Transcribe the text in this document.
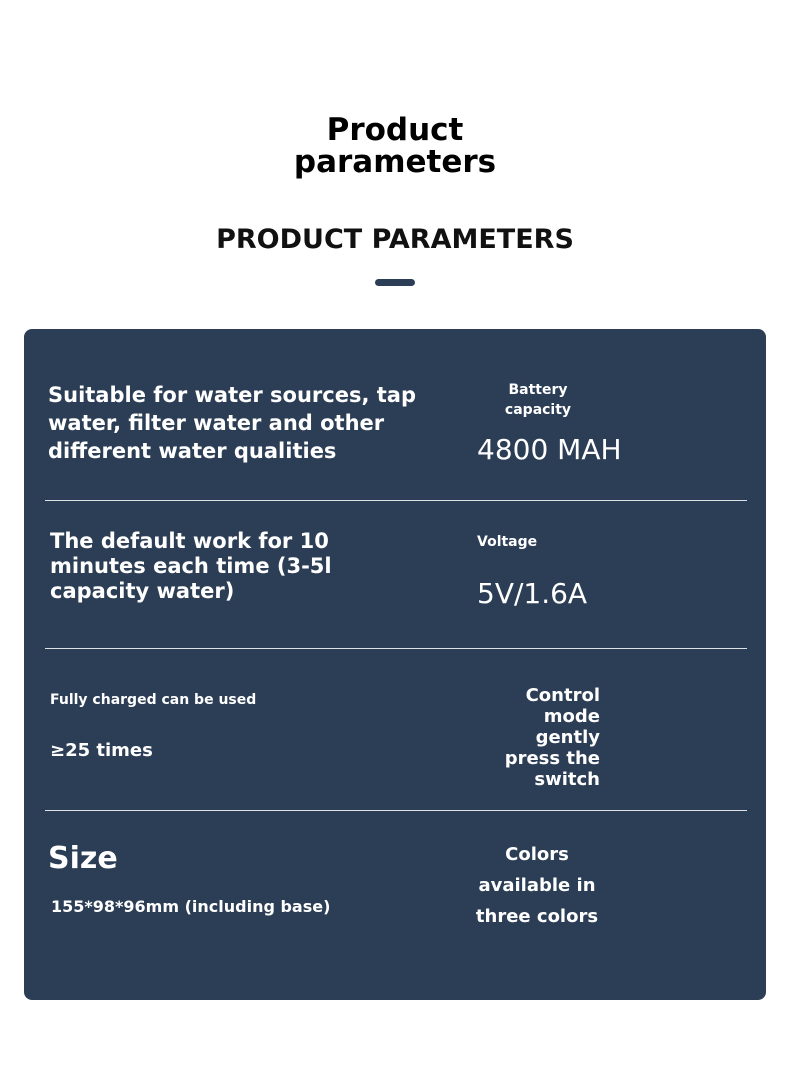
Product parameters
PRODUCT PARAMETERS
Suitable for water sources, tap water, filter water and other different water qualities
Battery capacity
4800 MAH
The default work for 10 minutes each time (3-5l capacity water)
Voltage
5V/1.6A
Fully charged can be used
≥25 times
Control mode gently press the switch
Size
155*98*96mm (including base)
Colors available in three colors
